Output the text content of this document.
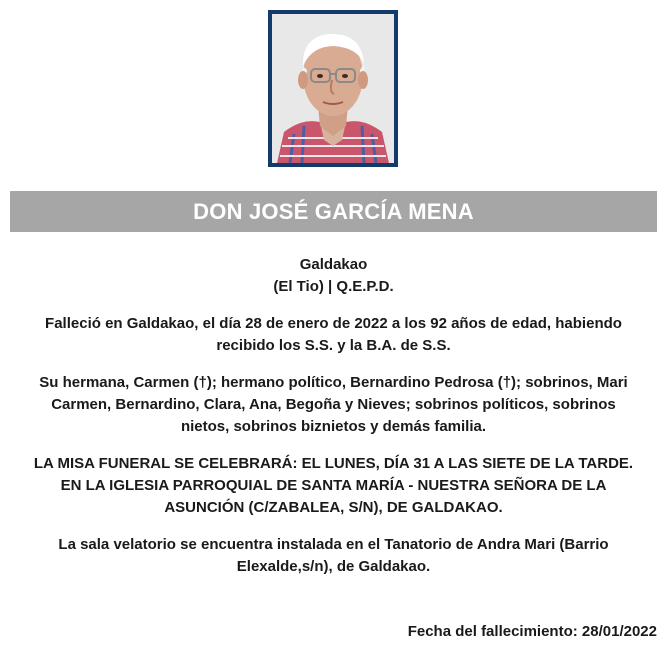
DON JOSÉ GARCÍA MENA

Galdakao
(El Tio) | Q.E.P.D.

Falleció en Galdakao, el día 28 de enero de 2022 a los 92 años de edad, habiendo
recibido los S.S. y la B.A. de S.S.

Su hermana, Carmen (†); hermano político, Bernardino Pedrosa (†); sobrinos, Mari
Carmen, Bernardino, Clara, Ana, Begoña y Nieves; sobrinos políticos, sobrinos
nietos, sobrinos biznietos y demás familia.

LA MISA FUNERAL SE CELEBRARÁ: EL LUNES, DÍA 31 A LAS SIETE DE LA TARDE.
EN LA IGLESIA PARROQUIAL DE SANTA MARÍA - NUESTRA SEÑORA DE LA
ASUNCIÓN (C/ZABALEA, S/N), DE GALDAKAO.

La sala velatorio se encuentra instalada en el Tanatorio de Andra Mari (Barrio
Elexalde,s/n), de Galdakao.

Fecha del fallecimiento: 28/01/2022
